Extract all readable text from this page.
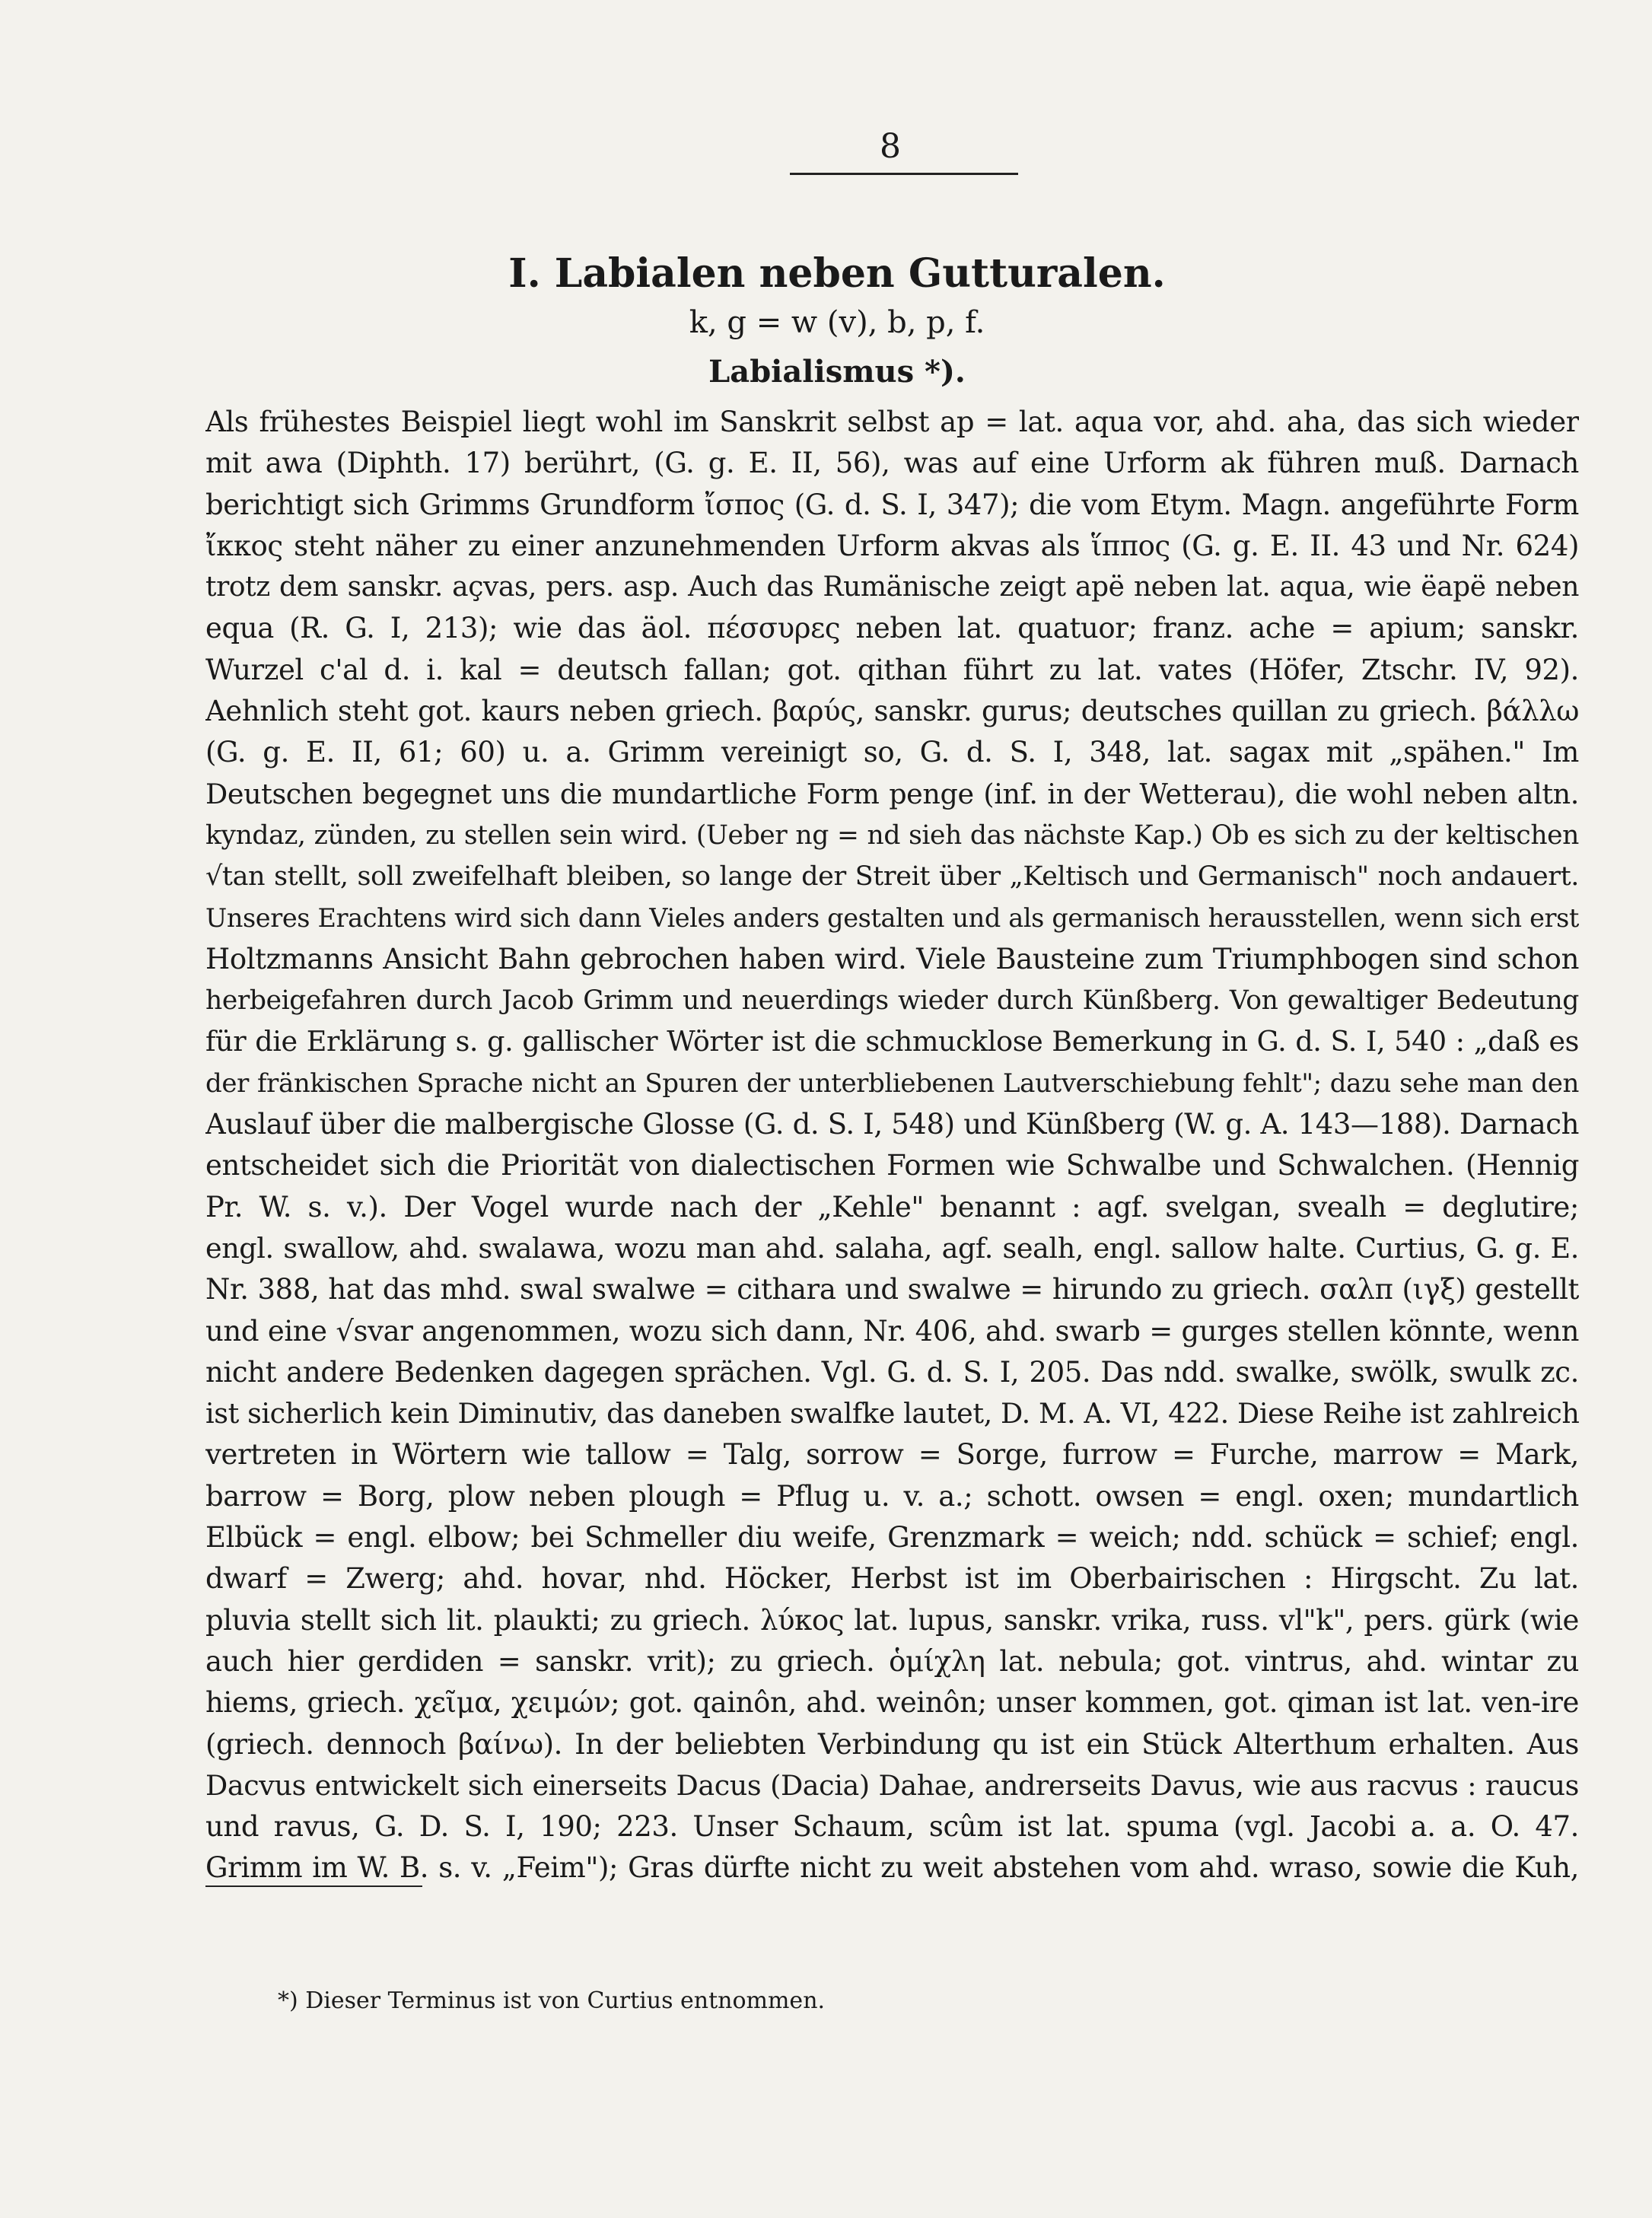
8
I. Labialen neben Gutturalen.
k, g = w (v), b, p, f.
Labialismus *).
Als frühestes Beispiel liegt wohl im Sanskrit selbst ap = lat. aqua vor, ahd. aha, das sich wieder
mit awa (Diphth. 17) berührt, (G. g. E. II, 56), was auf eine Urform ak führen muß. Darnach
berichtigt sich Grimms Grundform ἴσπος (G. d. S. I, 347); die vom Etym. Magn. angeführte Form
ἴκκος steht näher zu einer anzunehmenden Urform akvas als ἵππος (G. g. E. II. 43 und Nr. 624)
trotz dem sanskr. açvas, pers. asp. Auch das Rumänische zeigt apë neben lat. aqua, wie ëapë neben
equa (R. G. I, 213); wie das äol. πέσσυρες neben lat. quatuor; franz. ache = apium; sanskr.
Wurzel c'al d. i. kal = deutsch fallan; got. qithan führt zu lat. vates (Höfer, Ztschr. IV, 92).
Aehnlich steht got. kaurs neben griech. βαρύς, sanskr. gurus; deutsches quillan zu griech. βάλλω
(G. g. E. II, 61; 60) u. a. Grimm vereinigt so, G. d. S. I, 348, lat. sagax mit „spähen." Im
Deutschen begegnet uns die mundartliche Form penge (inf. in der Wetterau), die wohl neben altn.
kyndaz, zünden, zu stellen sein wird. (Ueber ng = nd sieh das nächste Kap.) Ob es sich zu der keltischen
√tan stellt, soll zweifelhaft bleiben, so lange der Streit über „Keltisch und Germanisch" noch andauert.
Unseres Erachtens wird sich dann Vieles anders gestalten und als germanisch herausstellen, wenn sich erst
Holtzmanns Ansicht Bahn gebrochen haben wird. Viele Bausteine zum Triumphbogen sind schon
herbeigefahren durch Jacob Grimm und neuerdings wieder durch Künßberg. Von gewaltiger Bedeutung
für die Erklärung s. g. gallischer Wörter ist die schmucklose Bemerkung in G. d. S. I, 540 : „daß es
der fränkischen Sprache nicht an Spuren der unterbliebenen Lautverschiebung fehlt"; dazu sehe man den
Auslauf über die malbergische Glosse (G. d. S. I, 548) und Künßberg (W. g. A. 143—188). Darnach
entscheidet sich die Priorität von dialectischen Formen wie Schwalbe und Schwalchen. (Hennig
Pr. W. s. v.). Der Vogel wurde nach der „Kehle" benannt : agf. svelgan, svealh = deglutire;
engl. swallow, ahd. swalawa, wozu man ahd. salaha, agf. sealh, engl. sallow halte. Curtius, G. g. E.
Nr. 388, hat das mhd. swal swalwe = cithara und swalwe = hirundo zu griech. σαλπ (ιγξ) gestellt
und eine √svar angenommen, wozu sich dann, Nr. 406, ahd. swarb = gurges stellen könnte, wenn
nicht andere Bedenken dagegen sprächen. Vgl. G. d. S. I, 205. Das ndd. swalke, swölk, swulk zc.
ist sicherlich kein Diminutiv, das daneben swalfke lautet, D. M. A. VI, 422. Diese Reihe ist zahlreich
vertreten in Wörtern wie tallow = Talg, sorrow = Sorge, furrow = Furche, marrow = Mark,
barrow = Borg, plow neben plough = Pflug u. v. a.; schott. owsen = engl. oxen; mundartlich
Elbück = engl. elbow; bei Schmeller diu weife, Grenzmark = weich; ndd. schück = schief; engl.
dwarf = Zwerg; ahd. hovar, nhd. Höcker, Herbst ist im Oberbairischen : Hirgscht. Zu lat.
pluvia stellt sich lit. plaukti; zu griech. λύκος lat. lupus, sanskr. vrika, russ. vl"k", pers. gürk (wie
auch hier gerdiden = sanskr. vrit); zu griech. ὁμίχλη lat. nebula; got. vintrus, ahd. wintar zu
hiems, griech. χεῖμα, χειμών; got. qainôn, ahd. weinôn; unser kommen, got. qiman ist lat. ven-ire
(griech. dennoch βαίνω). In der beliebten Verbindung qu ist ein Stück Alterthum erhalten. Aus
Dacvus entwickelt sich einerseits Dacus (Dacia) Dahae, andrerseits Davus, wie aus racvus : raucus
und ravus, G. D. S. I, 190; 223. Unser Schaum, scûm ist lat. spuma (vgl. Jacobi a. a. O. 47.
Grimm im W. B. s. v. „Feim"); Gras dürfte nicht zu weit abstehen vom ahd. wraso, sowie die Kuh,
*) Dieser Terminus ist von Curtius entnommen.
